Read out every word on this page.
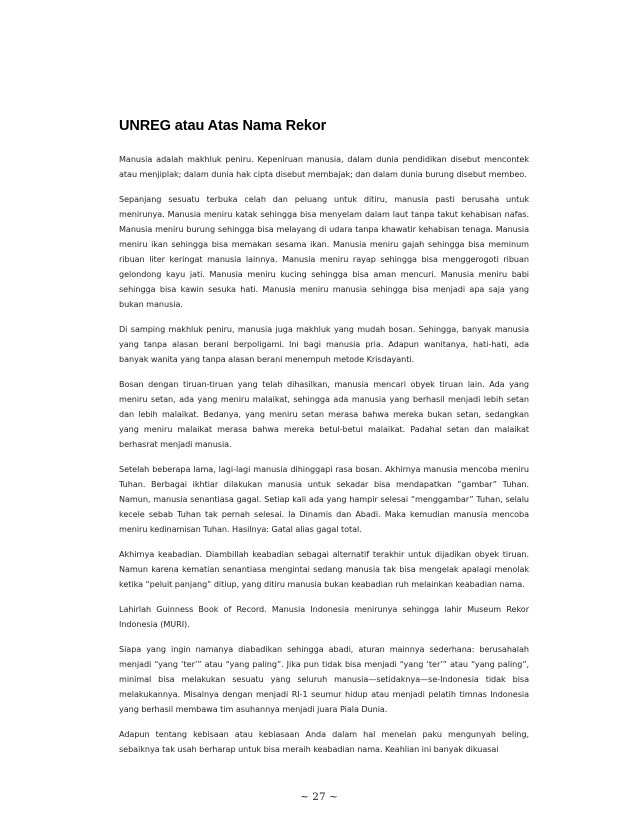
UNREG atau Atas Nama Rekor

Manusia adalah makhluk peniru. Kepeniruan manusia, dalam dunia pendidikan disebut mencontek atau menjiplak; dalam dunia hak cipta disebut membajak; dan dalam dunia burung disebut membeo.

Sepanjang sesuatu terbuka celah dan peluang untuk ditiru, manusia pasti berusaha untuk menirunya. Manusia meniru katak sehingga bisa menyelam dalam laut tanpa takut kehabisan nafas. Manusia meniru burung sehingga bisa melayang di udara tanpa khawatir kehabisan tenaga. Manusia meniru ikan sehingga bisa memakan sesama ikan. Manusia meniru gajah sehingga bisa meminum ribuan liter keringat manusia lainnya. Manusia meniru rayap sehingga bisa menggerogoti ribuan gelondong kayu jati. Manusia meniru kucing sehingga bisa aman mencuri. Manusia meniru babi sehingga bisa kawin sesuka hati. Manusia meniru manusia sehingga bisa menjadi apa saja yang bukan manusia.

Di samping makhluk peniru, manusia juga makhluk yang mudah bosan. Sehingga, banyak manusia yang tanpa alasan berani berpoligami. Ini bagi manusia pria. Adapun wanitanya, hati-hati, ada banyak wanita yang tanpa alasan berani menempuh metode Krisdayanti.

Bosan dengan tiruan-tiruan yang telah dihasilkan, manusia mencari obyek tiruan lain. Ada yang meniru setan, ada yang meniru malaikat, sehingga ada manusia yang berhasil menjadi lebih setan dan lebih malaikat. Bedanya, yang meniru setan merasa bahwa mereka bukan setan, sedangkan yang meniru malaikat merasa bahwa mereka betul-betul malaikat. Padahal setan dan malaikat berhasrat menjadi manusia.

Setelah beberapa lama, lagi-lagi manusia dihinggapi rasa bosan. Akhirnya manusia mencoba meniru Tuhan. Berbagai ikhtiar dilakukan manusia untuk sekadar bisa mendapatkan “gambar” Tuhan. Namun, manusia senantiasa gagal. Setiap kali ada yang hampir selesai “menggambar” Tuhan, selalu kecele sebab Tuhan tak pernah selesai. Ia Dinamis dan Abadi. Maka kemudian manusia mencoba meniru kedinamisan Tuhan. Hasilnya: Gatal alias gagal total.

Akhirnya keabadian. Diambillah keabadian sebagai alternatif terakhir untuk dijadikan obyek tiruan. Namun karena kematian senantiasa mengintai sedang manusia tak bisa mengelak apalagi menolak ketika “peluit panjang” ditiup, yang ditiru manusia bukan keabadian ruh melainkan keabadian nama.

Lahirlah Guinness Book of Record. Manusia Indonesia menirunya sehingga lahir Museum Rekor Indonesia (MURI).

Siapa yang ingin namanya diabadikan sehingga abadi, aturan mainnya sederhana: berusahalah menjadi “yang ‘ter’” atau “yang paling”. Jika pun tidak bisa menjadi “yang ‘ter’” atau “yang paling”, minimal bisa melakukan sesuatu yang seluruh manusia—setidaknya—se-Indonesia tidak bisa melakukannya. Misalnya dengan menjadi RI-1 seumur hidup atau menjadi pelatih timnas Indonesia yang berhasil membawa tim asuhannya menjadi juara Piala Dunia.

Adapun tentang kebisaan atau kebiasaan Anda dalam hal menelan paku mengunyah beling, sebaiknya tak usah berharap untuk bisa meraih keabadian nama. Keahlian ini banyak dikuasai

~ 27 ~
